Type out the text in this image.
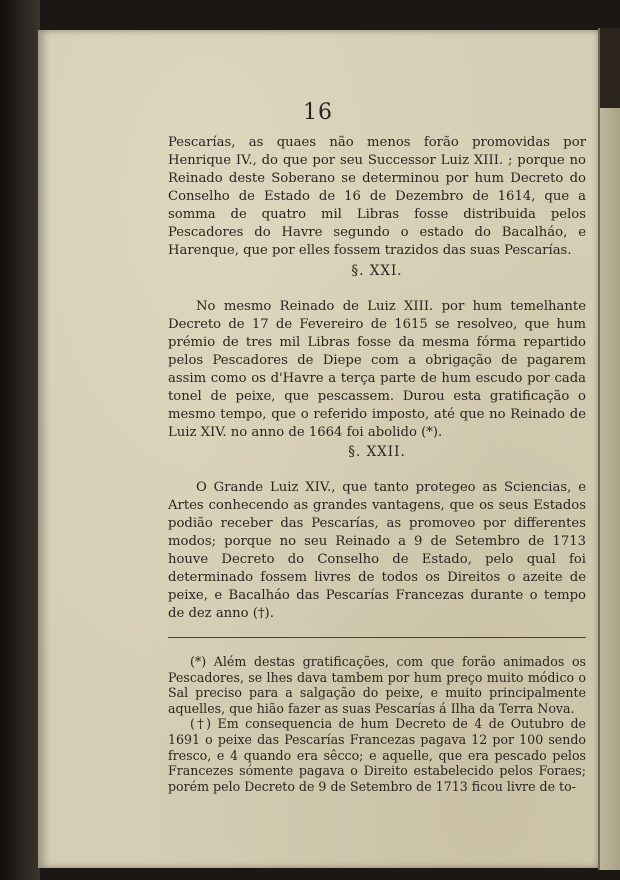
16

Pescarías, as quaes não menos forão promovidas por Henrique IV., do que por seu Successor Luiz XIII. ; porque no Reinado deste Soberano se determinou por hum Decreto do Conselho de Estado de 16 de Dezembro de 1614, que a somma de quatro mil Libras fosse distribuida pelos Pescadores do Havre segundo o estado do Bacalháo, e Harenque, que por elles fossem trazidos das suas Pescarías.

§. XXI.

No mesmo Reinado de Luiz XIII. por hum temelhante Decreto de 17 de Fevereiro de 1615 se resolveo, que hum prémio de tres mil Libras fosse da mesma fórma repartido pelos Pescadores de Diepe com a obrigação de pagarem assim como os d'Havre a terça parte de hum escudo por cada tonel de peixe, que pescassem. Durou esta gratificação o mesmo tempo, que o referido imposto, até que no Reinado de Luiz XIV. no anno de 1664 foi abolido (*).

§. XXII.

O Grande Luiz XIV., que tanto protegeo as Sciencias, e Artes conhecendo as grandes vantagens, que os seus Estados podião receber das Pescarías, as promoveo por differentes modos; porque no seu Reinado a 9 de Setembro de 1713 houve Decreto do Conselho de Estado, pelo qual foi determinado fossem livres de todos os Direitos o azeite de peixe, e Bacalháo das Pescarías Francezas durante o tempo de dez anno (†).

(*) Além destas gratificações, com que forão animados os Pescadores, se lhes dava tambem por hum preço muito módico o Sal preciso para a salgação do peixe, e muito principalmente aquelles, que hião fazer as suas Pescarías á Ilha da Terra Nova.

(†) Em consequencia de hum Decreto de 4 de Outubro de 1691 o peixe das Pescarías Francezas pagava 12 por 100 sendo fresco, e 4 quando era sêcco; e aquelle, que era pescado pelos Francezes sómente pagava o Direito estabelecido pelos Foraes; porém pelo Decreto de 9 de Setembro de 1713 ficou livre de to-
